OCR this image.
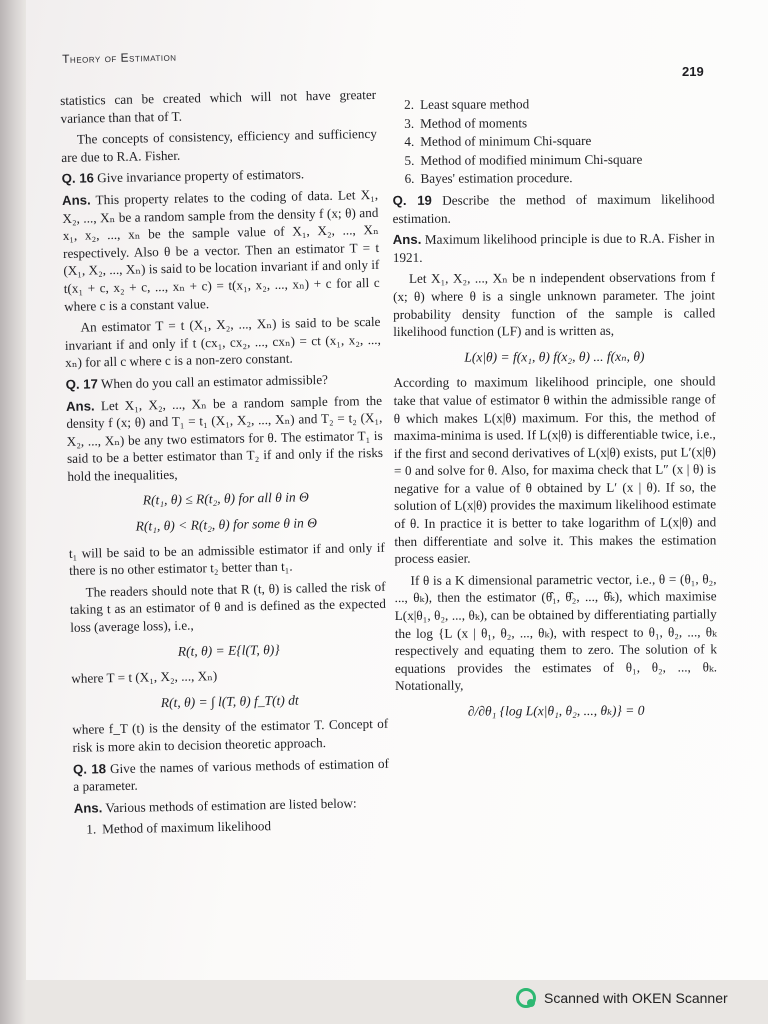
Theory of Estimation
219

statistics can be created which will not have greater variance than that of T.

The concepts of consistency, efficiency and sufficiency are due to R.A. Fisher.

Q. 16 Give invariance property of estimators.

Ans. This property relates to the coding of data. Let X₁, X₂, ..., Xₙ be a random sample from the density f (x; θ) and x₁, x₂, ..., xₙ be the sample value of X₁, X₂, ..., Xₙ respectively. Also θ be a vector. Then an estimator T = t (X₁, X₂, ..., Xₙ) is said to be location invariant if and only if t(x₁ + c, x₂ + c, ..., xₙ + c) = t(x₁, x₂, ..., xₙ) + c for all c where c is a constant value.

An estimator T = t (X₁, X₂, ..., Xₙ) is said to be scale invariant if and only if t (cx₁, cx₂, ..., cxₙ) = ct (x₁, x₂, ..., xₙ) for all c where c is a non-zero constant.

Q. 17 When do you call an estimator admissible?

Ans. Let X₁, X₂, ..., Xₙ be a random sample from the density f (x; θ) and T₁ = t₁ (X₁, X₂, ..., Xₙ) and T₂ = t₂ (X₁, X₂, ..., Xₙ) be any two estimators for θ. The estimator T₁ is said to be a better estimator than T₂ if and only if the risks hold the inequalities,

R(t₁, θ) ≤ R(t₂, θ) for all θ in Θ
R(t₁, θ) < R(t₂, θ) for some θ in Θ

t₁ will be said to be an admissible estimator if and only if there is no other estimator t₂ better than t₁.

The readers should note that R (t, θ) is called the risk of taking t as an estimator of θ and is defined as the expected loss (average loss), i.e.,

R(t, θ) = E{l(T, θ)}

where T = t (X₁, X₂, ..., Xₙ)

R(t, θ) = ∫ l(T, θ) f_T(t) dt

where f_T (t) is the density of the estimator T. Concept of risk is more akin to decision theoretic approach.

Q. 18 Give the names of various methods of estimation of a parameter.

Ans. Various methods of estimation are listed below:

1. Method of maximum likelihood
2. Least square method
3. Method of moments
4. Method of minimum Chi-square
5. Method of modified minimum Chi-square
6. Bayes' estimation procedure.

Q. 19 Describe the method of maximum likelihood estimation.

Ans. Maximum likelihood principle is due to R.A. Fisher in 1921.

Let X₁, X₂, ..., Xₙ be n independent observations from f (x; θ) where θ is a single unknown parameter. The joint probability density function of the sample is called likelihood function (LF) and is written as,

L(x|θ) = f(x₁, θ) f(x₂, θ) ... f(xₙ, θ)

According to maximum likelihood principle, one should take that value of estimator θ within the admissible range of θ which makes L(x|θ) maximum. For this, the method of maxima-minima is used. If L(x|θ) is differentiable twice, i.e., if the first and second derivatives of L(x|θ) exists, put L′(x|θ) = 0 and solve for θ. Also, for maxima check that L″ (x | θ) is negative for a value of θ obtained by L′ (x | θ). If so, the solution of L(x|θ) provides the maximum likelihood estimate of θ. In practice it is better to take logarithm of L(x|θ) and then differentiate and solve it. This makes the estimation process easier.

If θ is a K dimensional parametric vector, i.e., θ = (θ₁, θ₂, ..., θₖ), then the estimator (θ̂₁, θ̂₂, ..., θ̂ₖ), which maximise L(x|θ₁, θ₂, ..., θₖ), can be obtained by differentiating partially the log {L (x | θ₁, θ₂, ..., θₖ), with respect to θ₁, θ₂, ..., θₖ respectively and equating them to zero. The solution of k equations provides the estimates of θ₁, θ₂, ..., θₖ. Notationally,

∂/∂θ₁ {log L(x|θ₁, θ₂, ..., θₖ)} = 0
Scanned with OKEN Scanner
